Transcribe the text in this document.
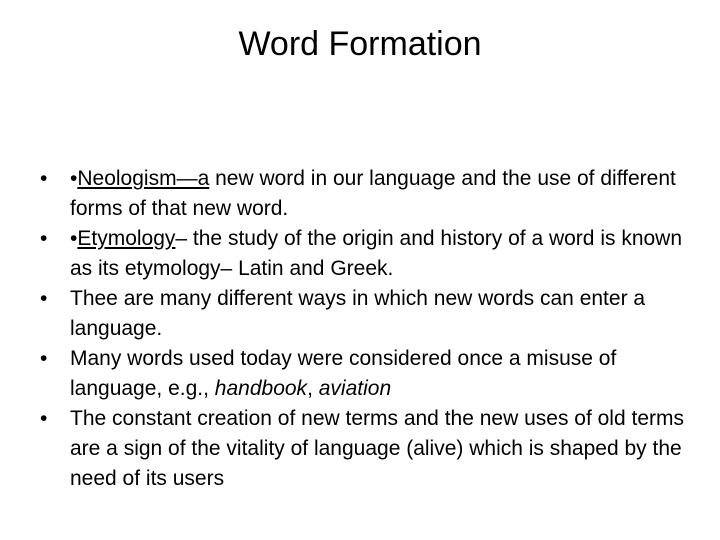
Word Formation
•	•Neologism—a new word in our language and the use of different forms of that new word.
•	•Etymology– the study of the origin and history of a word is known as its etymology– Latin and Greek.
•	Thee are many different ways in which new words can enter a language.
•	Many words used today were considered once a misuse of language, e.g., handbook, aviation
•	The constant creation of new terms and the new uses of old terms are a sign of the vitality of language (alive) which is shaped by the need of its users
